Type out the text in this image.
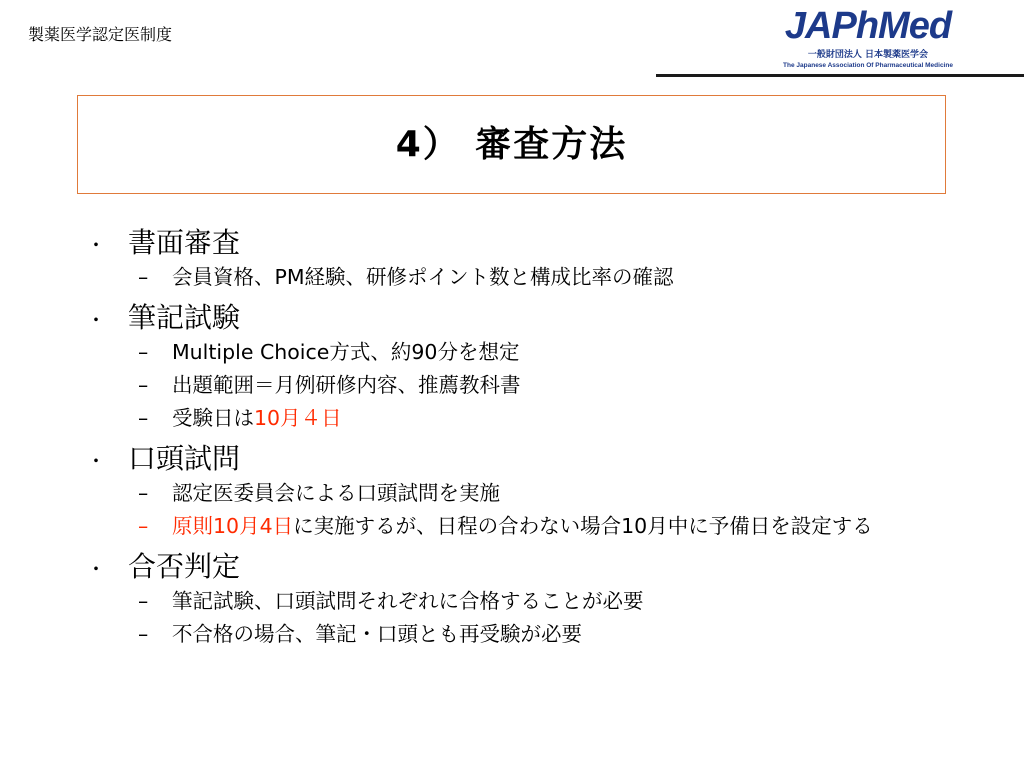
製薬医学認定医制度	JAPhMed
一般財団法人 日本製薬医学会
The Japanese Association Of Pharmaceutical Medicine
4） 審査方法
・ 書面審査
–	会員資格、PM経験、研修ポイント数と構成比率の確認
・ 筆記試験
–	Multiple Choice方式、約90分を想定
–	出題範囲＝月例研修内容、推薦教科書
–	受験日は10月４日
・ 口頭試問
–	認定医委員会による口頭試問を実施
–	原則10月4日に実施するが、日程の合わない場合10月中に予備日を設定する
・ 合否判定
–	筆記試験、口頭試問それぞれに合格することが必要
–	不合格の場合、筆記・口頭とも再受験が必要
